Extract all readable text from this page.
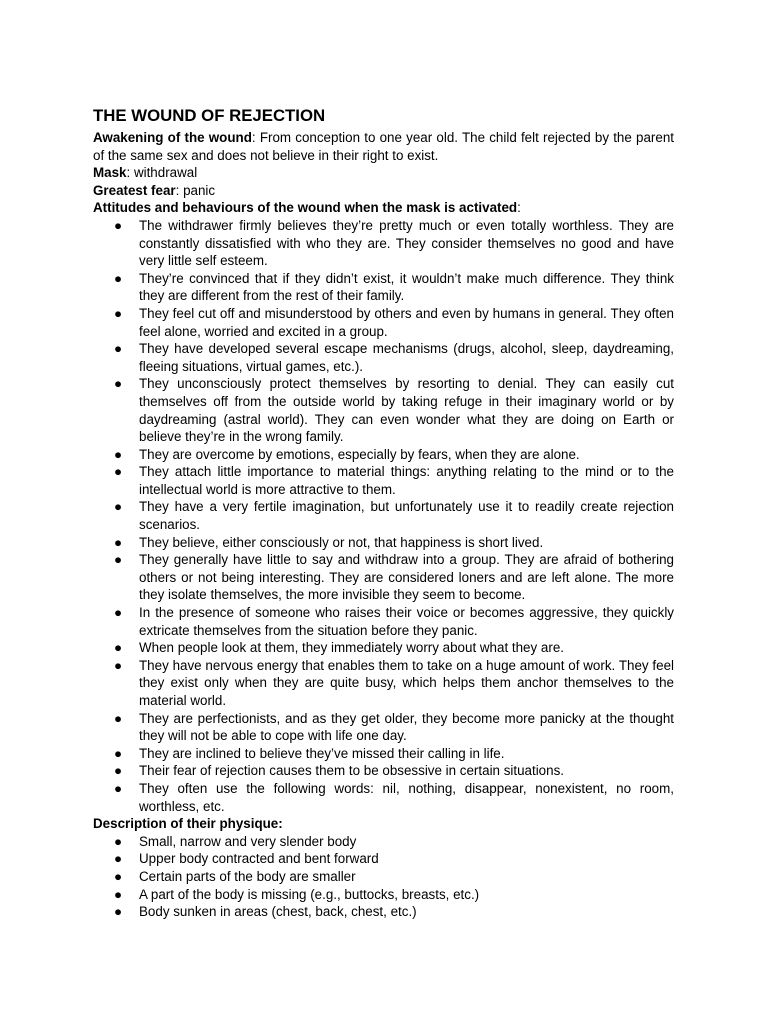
THE WOUND OF REJECTION

Awakening of the wound: From conception to one year old. The child felt rejected by the parent of the same sex and does not believe in their right to exist.

Mask: withdrawal

Greatest fear: panic

Attitudes and behaviours of the wound when the mask is activated:

● The withdrawer firmly believes they’re pretty much or even totally worthless. They are constantly dissatisfied with who they are. They consider themselves no good and have very little self esteem.
● They’re convinced that if they didn’t exist, it wouldn’t make much difference. They think they are different from the rest of their family.
● They feel cut off and misunderstood by others and even by humans in general. They often feel alone, worried and excited in a group.
● They have developed several escape mechanisms (drugs, alcohol, sleep, daydreaming, fleeing situations, virtual games, etc.).
● They unconsciously protect themselves by resorting to denial. They can easily cut themselves off from the outside world by taking refuge in their imaginary world or by daydreaming (astral world). They can even wonder what they are doing on Earth or believe they’re in the wrong family.
● They are overcome by emotions, especially by fears, when they are alone.
● They attach little importance to material things: anything relating to the mind or to the intellectual world is more attractive to them.
● They have a very fertile imagination, but unfortunately use it to readily create rejection scenarios.
● They believe, either consciously or not, that happiness is short lived.
● They generally have little to say and withdraw into a group. They are afraid of bothering others or not being interesting. They are considered loners and are left alone. The more they isolate themselves, the more invisible they seem to become.
● In the presence of someone who raises their voice or becomes aggressive, they quickly extricate themselves from the situation before they panic.
● When people look at them, they immediately worry about what they are.
● They have nervous energy that enables them to take on a huge amount of work. They feel they exist only when they are quite busy, which helps them anchor themselves to the material world.
● They are perfectionists, and as they get older, they become more panicky at the thought they will not be able to cope with life one day.
● They are inclined to believe they’ve missed their calling in life.
● Their fear of rejection causes them to be obsessive in certain situations.
● They often use the following words: nil, nothing, disappear, nonexistent, no room, worthless, etc.

Description of their physique:

● Small, narrow and very slender body
● Upper body contracted and bent forward
● Certain parts of the body are smaller
● A part of the body is missing (e.g., buttocks, breasts, etc.)
● Body sunken in areas (chest, back, chest, etc.)
